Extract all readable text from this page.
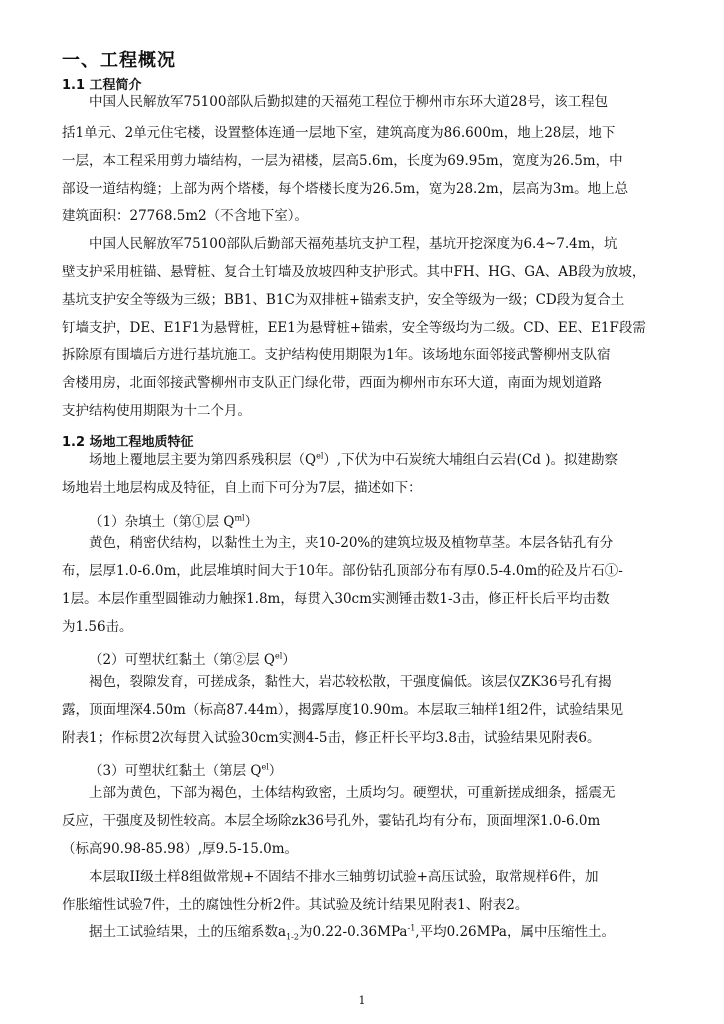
一、工程概况
1.1 工程简介
中国人民解放军75100部队后勤拟建的天福苑工程位于柳州市东环大道28号，该工程包
括1单元、2单元住宅楼，设置整体连通一层地下室，建筑高度为86.600m，地上28层，地下
一层，本工程采用剪力墙结构，一层为裙楼，层高5.6m，长度为69.95m，宽度为26.5m，中
部设一道结构缝；上部为两个塔楼，每个塔楼长度为26.5m，宽为28.2m，层高为3m。地上总
建筑面积：27768.5m2（不含地下室）。
中国人民解放军75100部队后勤部天福苑基坑支护工程，基坑开挖深度为6.4~7.4m，坑
壁支护采用桩锚、悬臂桩、复合土钉墙及放坡四种支护形式。其中FH、HG、GA、AB段为放坡，
基坑支护安全等级为三级；BB1、B1C为双排桩+锚索支护，安全等级为一级；CD段为复合土
钉墙支护，DE、E1F1为悬臂桩，EE1为悬臂桩+锚索，安全等级均为二级。CD、EE、E1F段需
拆除原有围墙后方进行基坑施工。支护结构使用期限为1年。该场地东面邻接武警柳州支队宿
舍楼用房，北面邻接武警柳州市支队正门绿化带，西面为柳州市东环大道，南面为规划道路
支护结构使用期限为十二个月。
1.2 场地工程地质特征
场地上覆地层主要为第四系残积层$(Q^{el})$,下伏为中石炭统大埔组白云岩(Cd )。拟建勘察
场地岩土地层构成及特征，自上而下可分为7层，描述如下：
（1）杂填土（第①层 $Q^{ml}$）
黄色，稍密伏结构，以黏性土为主，夹10-20%的建筑垃圾及植物草茎。本层各钻孔有分
布，层厚1.0-6.0m，此层堆填时间大于10年。部份钻孔顶部分布有厚0.5-4.0m的砼及片石①-
1层。本层作重型圆锥动力触探1.8m，每贯入30cm实测锤击数1-3击，修正杆长后平均击数
为1.56击。
（2）可塑状红黏土（第②层 $Q^{el}$）
褐色，裂隙发育，可搓成条，黏性大，岩芯较松散，干强度偏低。该层仅ZK36号孔有揭
露，顶面埋深4.50m（标高87.44m），揭露厚度10.90m。本层取三轴样1组2件，试验结果见
附表1；作标贯2次每贯入试验30cm实测4-5击，修正杆长平均3.8击，试验结果见附表6。
（3）可塑状红黏土（第层 $Q^{el}$）
上部为黄色，下部为褐色，土体结构致密，土质均匀。硬塑状，可重新搓成细条，摇震无
反应，干强度及韧性较高。本层全场除zk36号孔外，霎钻孔均有分布，顶面埋深1.0-6.0m
（标高90.98-85.98）,厚9.5-15.0m。
本层取II级土样8组做常规+不固结不排水三轴剪切试验+高压试验，取常规样6件，加
作胀缩性试验7件，土的腐蚀性分析2件。其试验及统计结果见附表1、附表2。
据土工试验结果，土的压缩系数$a_{1-2}$为0.22-0.36MPa$^{-1}$,平均0.26MPa，属中压缩性土。
1
